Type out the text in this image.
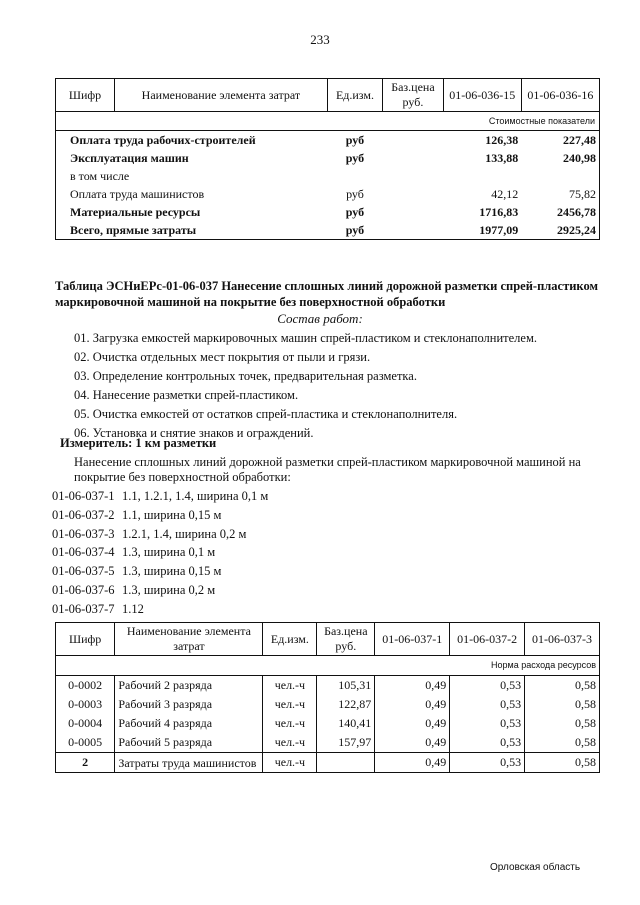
233
Шифр	Наименование элемента затрат	Ед.изм.	Баз.цена руб.	01-06-036-15	01-06-036-16
Стоимостные показатели					
Оплата труда рабочих-строителей		руб		126,38	227,48
Эксплуатация машин		руб		133,88	240,98
в том числе					
Оплата труда машинистов		руб		42,12	75,82
Материальные ресурсы		руб		1716,83	2456,78
Всего, прямые затраты		руб		1977,09	2925,24
Таблица ЭСНиЕРс-01-06-037 Нанесение сплошных линий дорожной разметки спрей-пластиком маркировочной машиной на покрытие без поверхностной обработки
Состав работ:
01. Загрузка емкостей маркировочных машин спрей-пластиком и стеклонаполнителем.
02. Очистка отдельных мест покрытия от пыли и грязи.
03. Определение контрольных точек, предварительная разметка.
04. Нанесение разметки спрей-пластиком.
05. Очистка емкостей от остатков спрей-пластика и стеклонаполнителя.
06. Установка и снятие знаков и ограждений.
Измеритель: 1 км разметки
Нанесение сплошных линий дорожной разметки спрей-пластиком маркировочной машиной на покрытие без поверхностной обработки:
01-06-037-1 1.1, 1.2.1, 1.4, ширина 0,1 м
01-06-037-2 1.1, ширина 0,15 м
01-06-037-3 1.2.1, 1.4, ширина 0,2 м
01-06-037-4 1.3, ширина 0,1 м
01-06-037-5 1.3, ширина 0,15 м
01-06-037-6 1.3, ширина 0,2 м
01-06-037-7 1.12
Шифр	Наименование элемента затрат	Ед.изм.	Баз.цена руб.	01-06-037-1	01-06-037-2	01-06-037-3
Норма расхода ресурсов						
0-0002	Рабочий 2 разряда	чел.-ч	105,31	0,49	0,53	0,58
0-0003	Рабочий 3 разряда	чел.-ч	122,87	0,49	0,53	0,58
0-0004	Рабочий 4 разряда	чел.-ч	140,41	0,49	0,53	0,58
0-0005	Рабочий 5 разряда	чел.-ч	157,97	0,49	0,53	0,58
2	Затраты труда машинистов	чел.-ч		0,49	0,53	0,58
Орловская область
